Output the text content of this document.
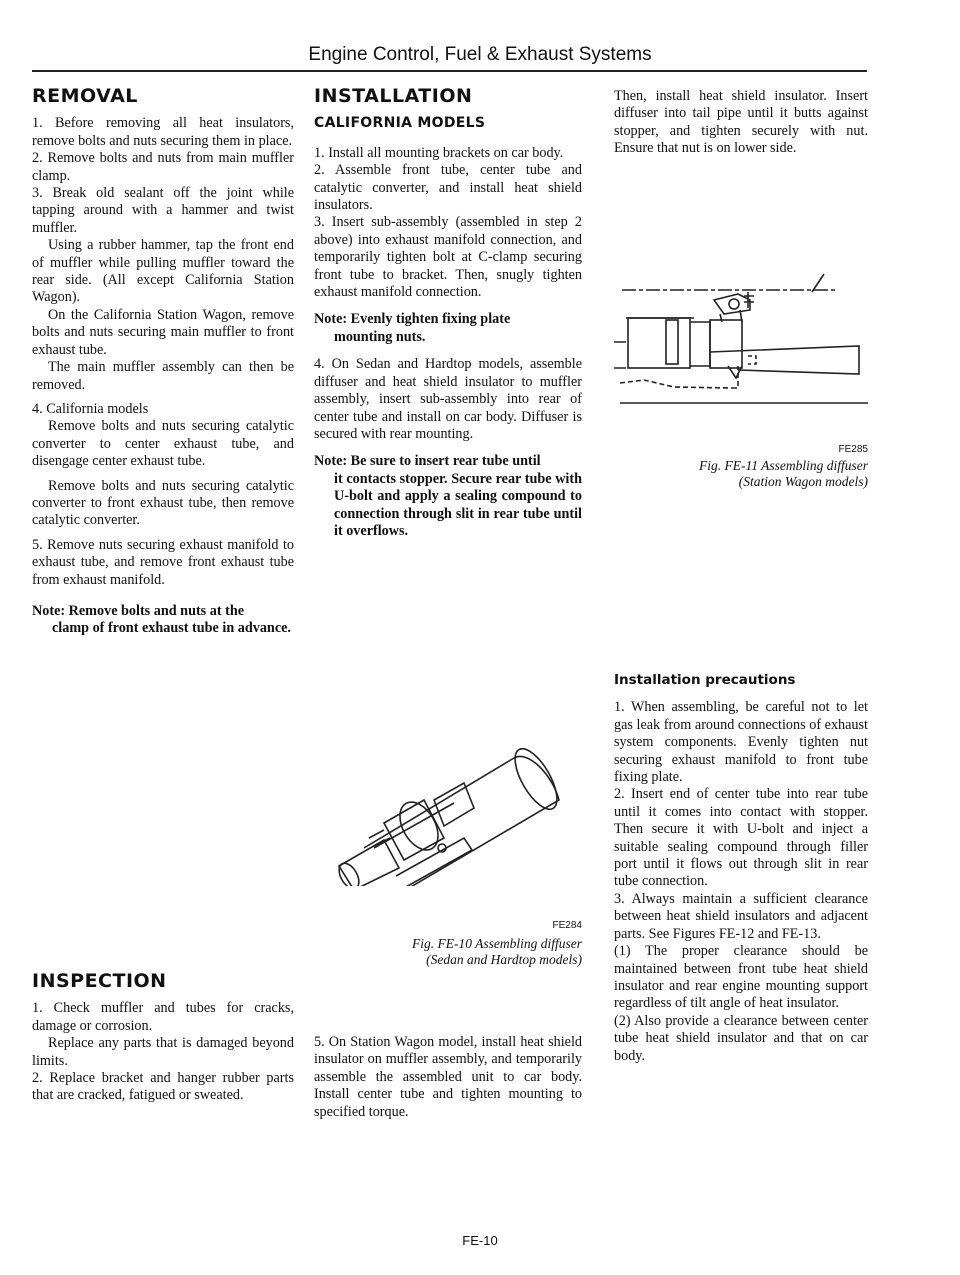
Engine Control, Fuel & Exhaust Systems
REMOVAL

1. Before removing all heat insulators, remove bolts and nuts securing them in place.

2. Remove bolts and nuts from main muffler clamp.

3. Break old sealant off the joint while tapping around with a hammer and twist muffler.

Using a rubber hammer, tap the front end of muffler while pulling muffler toward the rear side. (All except California Station Wagon).

On the California Station Wagon, remove bolts and nuts securing main muffler to front exhaust tube.

The main muffler assembly can then be removed.

4. California models

Remove bolts and nuts securing catalytic converter to center exhaust tube, and disengage center exhaust tube.

Remove bolts and nuts securing catalytic converter to front exhaust tube, then remove catalytic converter.

5. Remove nuts securing exhaust manifold to exhaust tube, and remove front exhaust tube from exhaust manifold.

Note: Remove bolts and nuts at the
clamp of front exhaust tube in advance.
INSPECTION

1. Check muffler and tubes for cracks, damage or corrosion.

Replace any parts that is damaged beyond limits.

2. Replace bracket and hanger rubber parts that are cracked, fatigued or sweated.

INSTALLATION
CALIFORNIA MODELS

1. Install all mounting brackets on car body.

2. Assemble front tube, center tube and catalytic converter, and install heat shield insulators.

3. Insert sub-assembly (assembled in step 2 above) into exhaust manifold connection, and temporarily tighten bolt at C-clamp securing front tube to bracket. Then, snugly tighten exhaust manifold connection.

Note: Evenly tighten fixing plate
mounting nuts.

4. On Sedan and Hardtop models, assemble diffuser and heat shield insulator to muffler assembly, insert sub-assembly into rear of center tube and install on car body. Diffuser is secured with rear mounting.

Note: Be sure to insert rear tube until
it contacts stopper. Secure rear tube with U-bolt and apply a sealing compound to connection through slit in rear tube until it overflows.
FE284
Fig. FE-10 Assembling diffuser
(Sedan and Hardtop models)

5. On Station Wagon model, install heat shield insulator on muffler assembly, and temporarily assemble the assembled unit to car body. Install center tube and tighten mounting to specified torque.

Then, install heat shield insulator. Insert diffuser into tail pipe until it butts against stopper, and tighten securely with nut. Ensure that nut is on lower side.

FE285
Fig. FE-11 Assembling diffuser
(Station Wagon models)
Installation precautions

1. When assembling, be careful not to let gas leak from around connections of exhaust system components. Evenly tighten nut securing exhaust manifold to front tube fixing plate.

2. Insert end of center tube into rear tube until it comes into contact with stopper. Then secure it with U-bolt and inject a suitable sealing compound through filler port until it flows out through slit in rear tube connection.

3. Always maintain a sufficient clearance between heat shield insulators and adjacent parts. See Figures FE-12 and FE-13.

(1) The proper clearance should be maintained between front tube heat shield insulator and rear engine mounting support regardless of tilt angle of heat insulator.

(2) Also provide a clearance between center tube heat shield insulator and that on car body.

FE-10
